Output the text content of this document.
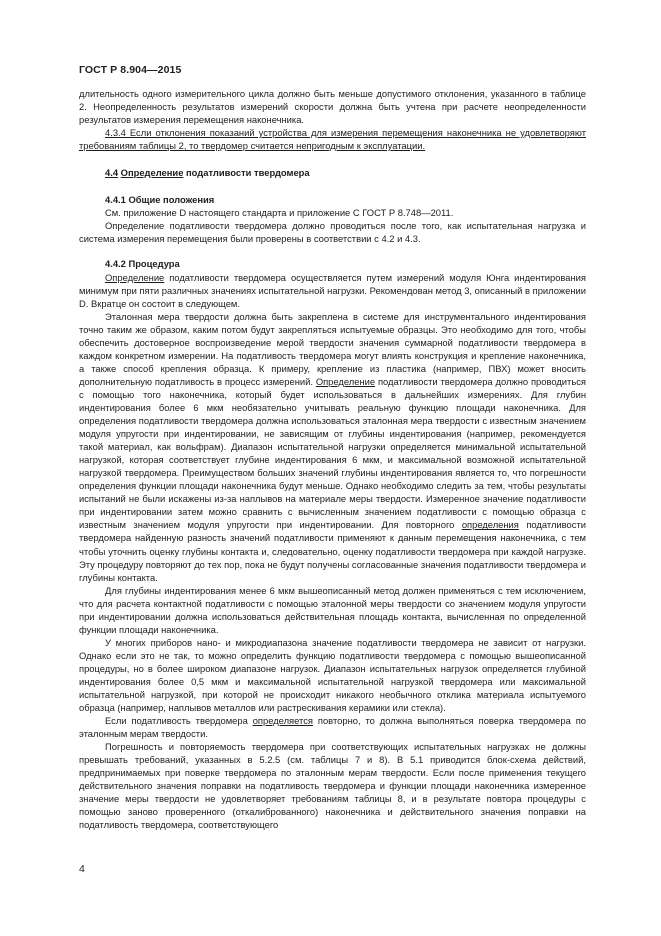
ГОСТ Р 8.904—2015

длительность одного измерительного цикла должно быть меньше допустимого отклонения, указанного в таблице 2. Неопределенность результатов измерений скорости должна быть учтена при расчете неопределенности результатов измерения перемещения наконечника.

4.3.4 Если отклонения показаний устройства для измерения перемещения наконечника не удовлетворяют требованиям таблицы 2, то твердомер считается непригодным к эксплуатации.

4.4 Определение податливости твердомера

4.4.1 Общие положения

См. приложение D настоящего стандарта и приложение С ГОСТ Р 8.748—2011.

Определение податливости твердомера должно проводиться после того, как испытательная нагрузка и система измерения перемещения были проверены в соответствии с 4.2 и 4.3.

4.4.2 Процедура

Определение податливости твердомера осуществляется путем измерений модуля Юнга индентирования минимум при пяти различных значениях испытательной нагрузки. Рекомендован метод 3, описанный в приложении D. Вкратце он состоит в следующем.

Эталонная мера твердости должна быть закреплена в системе для инструментального индентирования точно таким же образом, каким потом будут закрепляться испытуемые образцы. Это необходимо для того, чтобы обеспечить достоверное воспроизведение мерой твердости значения суммарной податливости твердомера в каждом конкретном измерении. На податливость твердомера могут влиять конструкция и крепление наконечника, а также способ крепления образца. К примеру, крепление из пластика (например, ПВХ) может вносить дополнительную податливость в процесс измерений. Определение податливости твердомера должно проводиться с помощью того наконечника, который будет использоваться в дальнейших измерениях. Для глубин индентирования более 6 мкм необязательно учитывать реальную функцию площади наконечника. Для определения податливости твердомера должна использоваться эталонная мера твердости с известным значением модуля упругости при индентировании, не зависящим от глубины индентирования (например, рекомендуется такой материал, как вольфрам). Диапазон испытательной нагрузки определяется минимальной испытательной нагрузкой, которая соответствует глубине индентирования 6 мкм, и максимальной возможной испытательной нагрузкой твердомера. Преимуществом больших значений глубины индентирования является то, что погрешности определения функции площади наконечника будут меньше. Однако необходимо следить за тем, чтобы результаты испытаний не были искажены из-за наплывов на материале меры твердости. Измеренное значение податливости при индентировании затем можно сравнить с вычисленным значением податливости с помощью образца с известным значением модуля упругости при индентировании. Для повторного определения податливости твердомера найденную разность значений податливости применяют к данным перемещения наконечника, с тем чтобы уточнить оценку глубины контакта и, следовательно, оценку податливости твердомера при каждой нагрузке. Эту процедуру повторяют до тех пор, пока не будут получены согласованные значения податливости твердомера и глубины контакта.

Для глубины индентирования менее 6 мкм вышеописанный метод должен применяться с тем исключением, что для расчета контактной податливости с помощью эталонной меры твердости со значением модуля упругости при индентировании должна использоваться действительная площадь контакта, вычисленная по определенной функции площади наконечника.

У многих приборов нано- и микродиапазона значение податливости твердомера не зависит от нагрузки. Однако если это не так, то можно определить функцию податливости твердомера с помощью вышеописанной процедуры, но в более широком диапазоне нагрузок. Диапазон испытательных нагрузок определяется глубиной индентирования более 0,5 мкм и максимальной испытательной нагрузкой твердомера или максимальной испытательной нагрузкой, при которой не происходит никакого необычного отклика материала испытуемого образца (например, наплывов металлов или растрескивания керамики или стекла).

Если податливость твердомера определяется повторно, то должна выполняться поверка твердомера по эталонным мерам твердости.

Погрешность и повторяемость твердомера при соответствующих испытательных нагрузках не должны превышать требований, указанных в 5.2.5 (см. таблицы 7 и 8). В 5.1 приводится блок-схема действий, предпринимаемых при поверке твердомера по эталонным мерам твердости. Если после применения текущего действительного значения поправки на податливость твердомера и функции площади наконечника измеренное значение меры твердости не удовлетворяет требованиям таблицы 8, и в результате повтора процедуры с помощью заново проверенного (откалиброванного) наконечника и действительного значения поправки на податливость твердомера, соответствующего

4
